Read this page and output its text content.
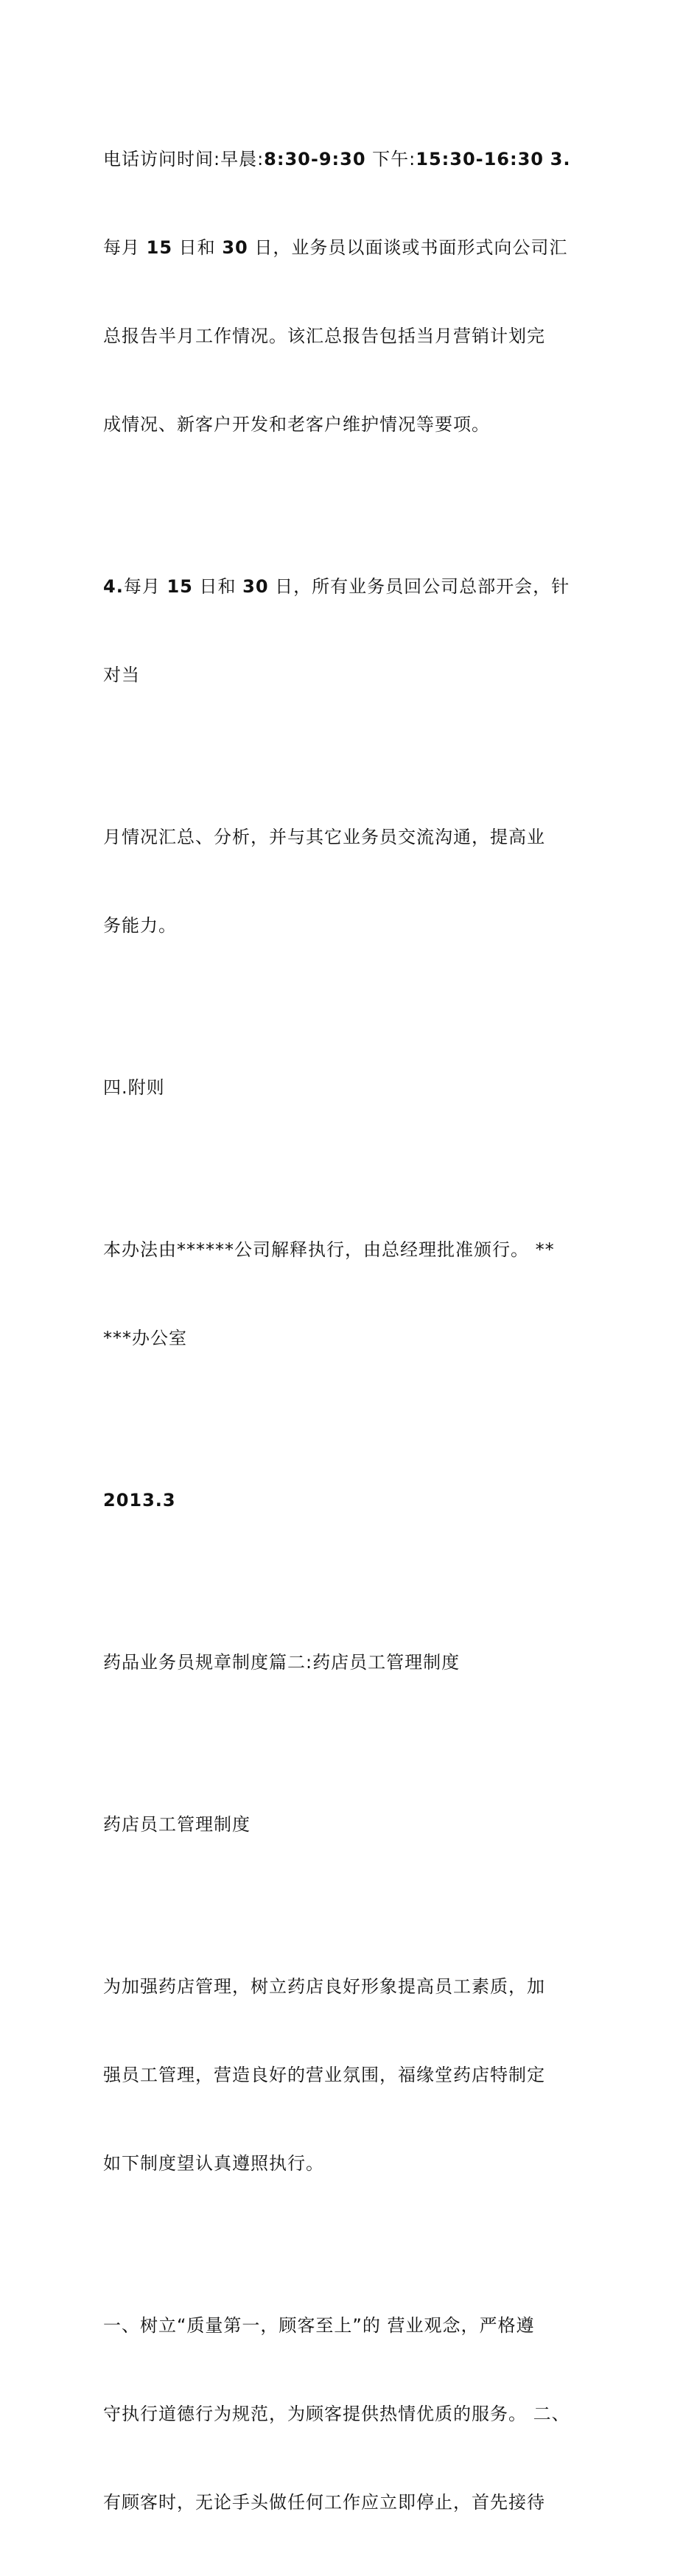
电话访问时间:早晨:8:30-9:30 下午:15:30-16:30 3.

每月 15 日和 30 日，业务员以面谈或书面形式向公司汇

总报告半月工作情况。该汇总报告包括当月营销计划完

成情况、新客户开发和老客户维护情况等要项。

4.每月 15 日和 30 日，所有业务员回公司总部开会，针

对当

月情况汇总、分析，并与其它业务员交流沟通，提高业

务能力。

四.附则

本办法由******公司解释执行，由总经理批准颁行。 **

***办公室

2013.3

药品业务员规章制度篇二:药店员工管理制度

药店员工管理制度

为加强药店管理，树立药店良好形象提高员工素质，加

强员工管理，营造良好的营业氛围，福缘堂药店特制定

如下制度望认真遵照执行。

一、树立“质量第一，顾客至上”的 营业观念，严格遵

守执行道德行为规范，为顾客提供热情优质的服务。 二、

有顾客时，无论手头做任何工作应立即停止，首先接待
